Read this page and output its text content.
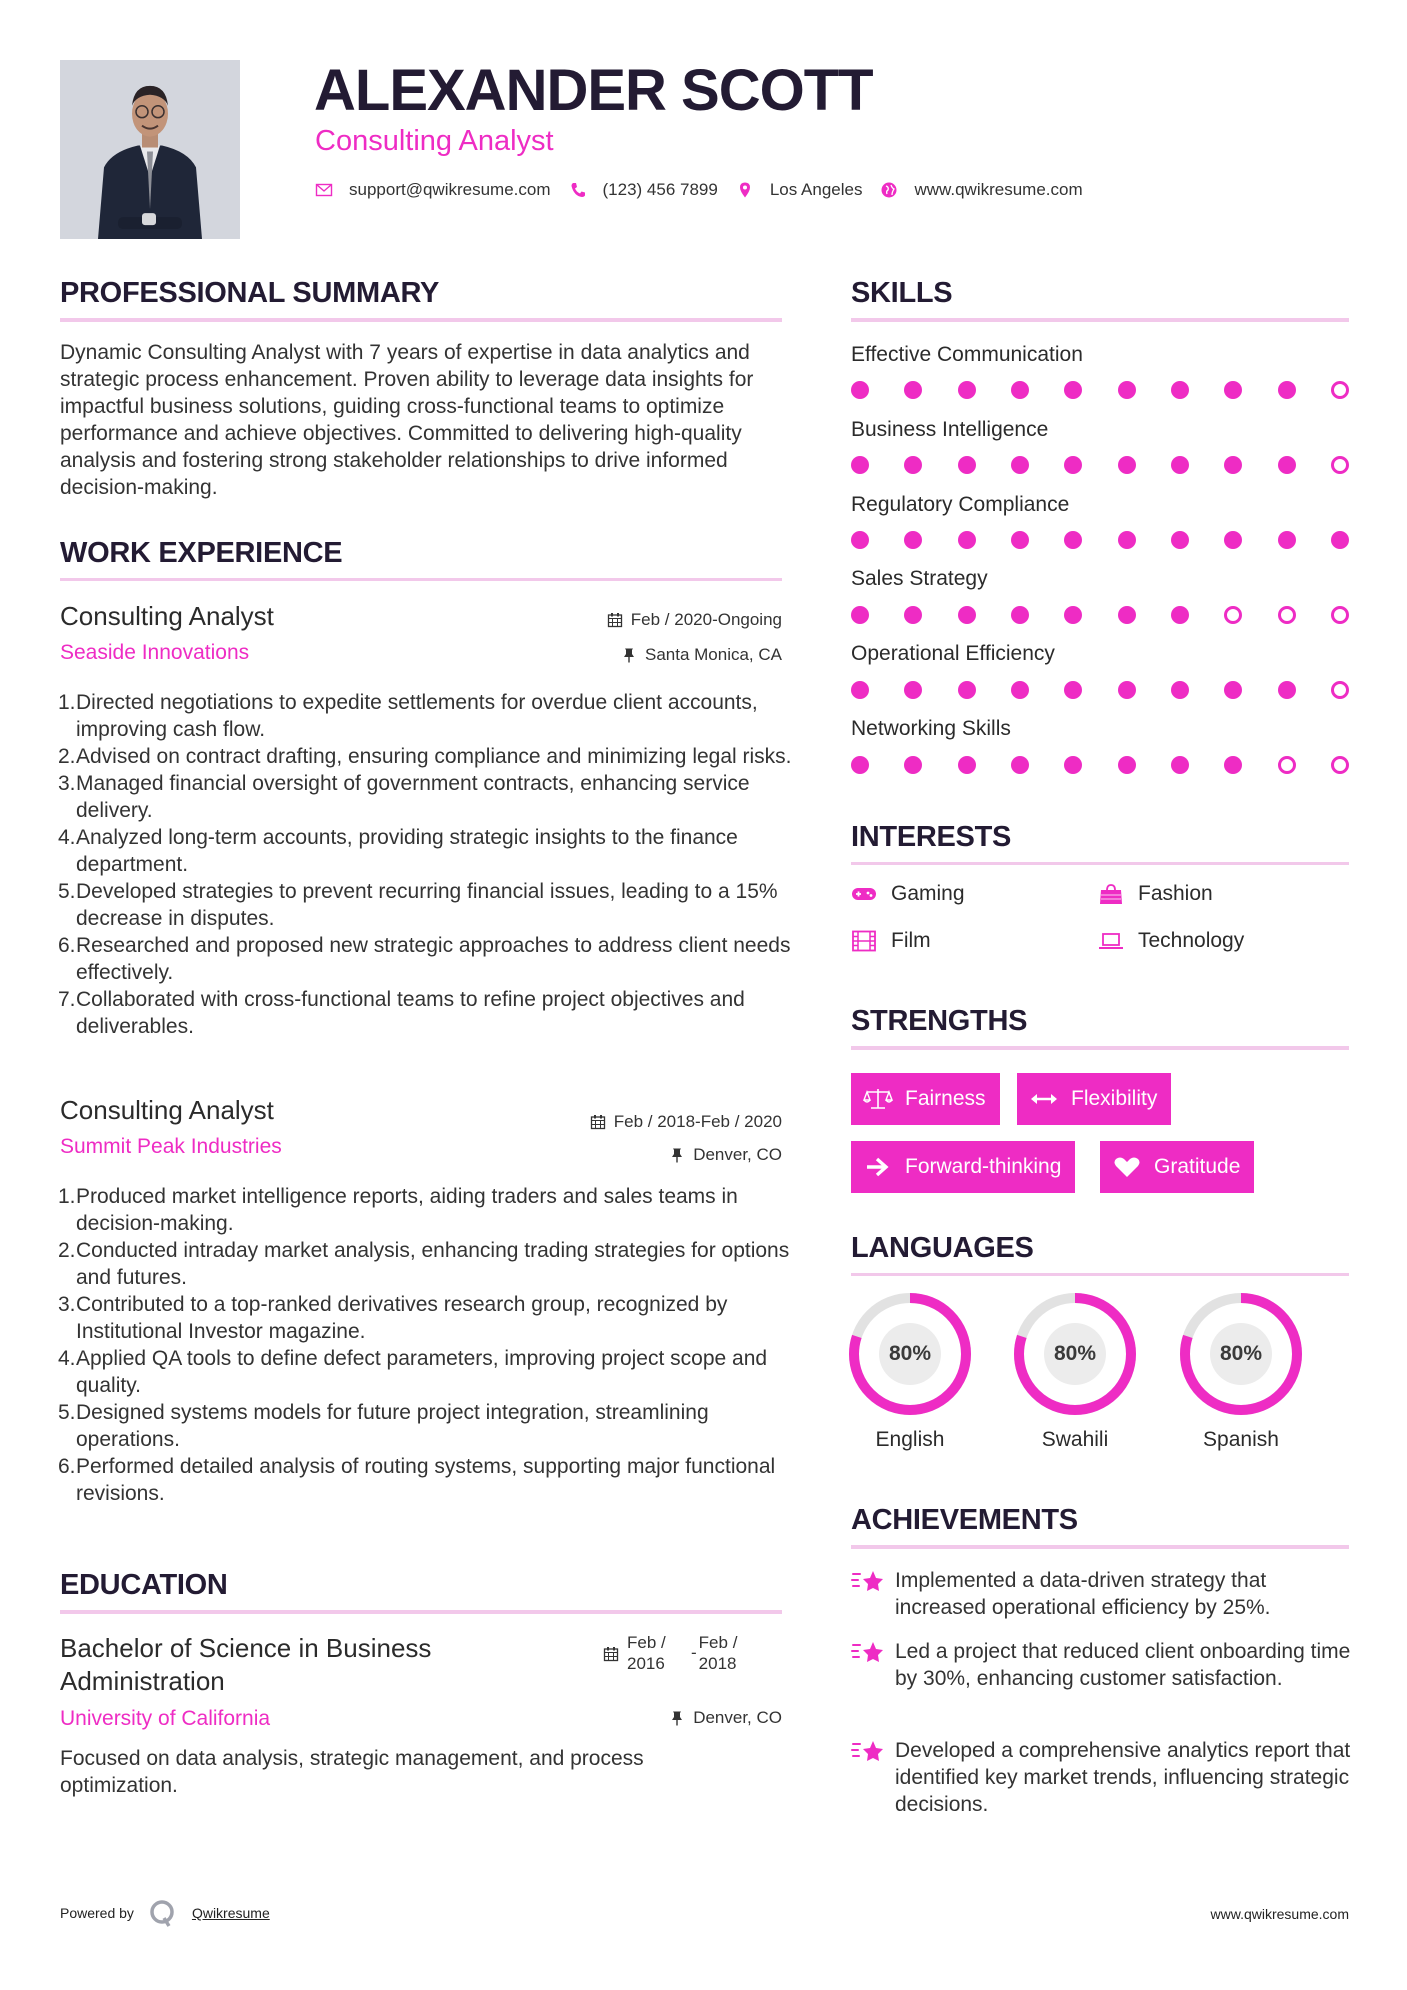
ALEXANDER SCOTT
Consulting Analyst
support@qwikresume.com	(123) 456 7899	Los Angeles	www.qwikresume.com
PROFESSIONAL SUMMARY
Dynamic Consulting Analyst with 7 years of expertise in data analytics and strategic process enhancement. Proven ability to leverage data insights for impactful business solutions, guiding cross-functional teams to optimize performance and achieve objectives. Committed to delivering high-quality analysis and fostering strong stakeholder relationships to drive informed decision-making.
WORK EXPERIENCE
Consulting Analyst	Feb / 2020-Ongoing
Seaside Innovations	Santa Monica, CA
1. Directed negotiations to expedite settlements for overdue client accounts, improving cash flow.
2. Advised on contract drafting, ensuring compliance and minimizing legal risks.
3. Managed financial oversight of government contracts, enhancing service delivery.
4. Analyzed long-term accounts, providing strategic insights to the finance department.
5. Developed strategies to prevent recurring financial issues, leading to a 15% decrease in disputes.
6. Researched and proposed new strategic approaches to address client needs effectively.
7. Collaborated with cross-functional teams to refine project objectives and deliverables.
Consulting Analyst	Feb / 2018-Feb / 2020
Summit Peak Industries	Denver, CO
1. Produced market intelligence reports, aiding traders and sales teams in decision-making.
2. Conducted intraday market analysis, enhancing trading strategies for options and futures.
3. Contributed to a top-ranked derivatives research group, recognized by Institutional Investor magazine.
4. Applied QA tools to define defect parameters, improving project scope and quality.
5. Designed systems models for future project integration, streamlining operations.
6. Performed detailed analysis of routing systems, supporting major functional revisions.
EDUCATION
Bachelor of Science in Business Administration
Feb / 2016
-
Feb / 2018
University of California	Denver, CO
Focused on data analysis, strategic management, and process optimization.
SKILLS
Effective Communication
Business Intelligence
Regulatory Compliance
Sales Strategy
Operational Efficiency
Networking Skills
INTERESTS
Gaming	Fashion
Film	Technology
STRENGTHS
Fairness	Flexibility
Forward-thinking	Gratitude
LANGUAGES
80%
English
80%
Swahili
80%
Spanish
ACHIEVEMENTS
Implemented a data-driven strategy that increased operational efficiency by 25%.
Led a project that reduced client onboarding time by 30%, enhancing customer satisfaction.
Developed a comprehensive analytics report that identified key market trends, influencing strategic decisions.
Powered by	Qwikresume	www.qwikresume.com
